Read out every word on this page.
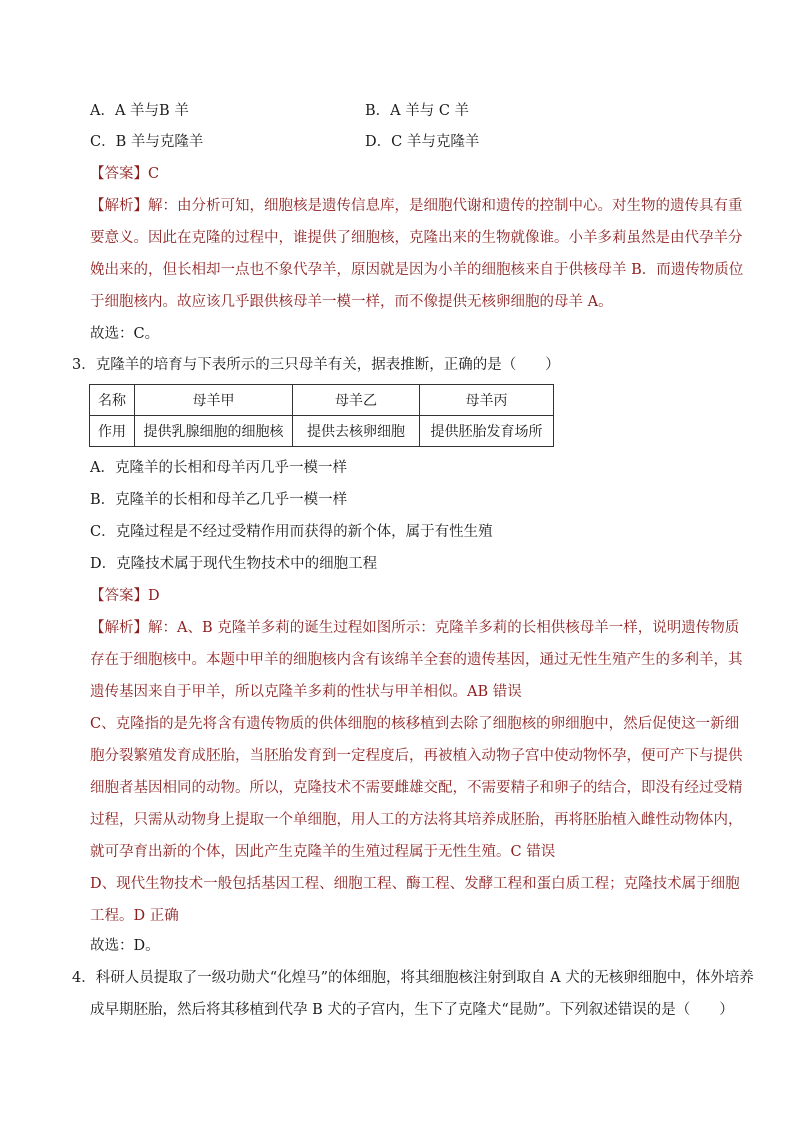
A．A 羊与B 羊	B．A 羊与 C 羊
C．B 羊与克隆羊	D．C 羊与克隆羊
【答案】C
【解析】解：由分析可知，细胞核是遗传信息库，是细胞代谢和遗传的控制中心。对生物的遗传具有重
要意义。因此在克隆的过程中，谁提供了细胞核，克隆出来的生物就像谁。小羊多莉虽然是由代孕羊分
娩出来的，但长相却一点也不象代孕羊，原因就是因为小羊的细胞核来自于供核母羊 B．而遗传物质位
于细胞核内。故应该几乎跟供核母羊一模一样，而不像提供无核卵细胞的母羊 A。
故选：C。
3．克隆羊的培育与下表所示的三只母羊有关，据表推断，正确的是（　　）
名称	母羊甲	母羊乙	母羊丙
作用	提供乳腺细胞的细胞核	提供去核卵细胞	提供胚胎发育场所
A．克隆羊的长相和母羊丙几乎一模一样
B．克隆羊的长相和母羊乙几乎一模一样
C．克隆过程是不经过受精作用而获得的新个体，属于有性生殖
D．克隆技术属于现代生物技术中的细胞工程
【答案】D
【解析】解：A、B 克隆羊多莉的诞生过程如图所示：克隆羊多莉的长相供核母羊一样，说明遗传物质
存在于细胞核中。本题中甲羊的细胞核内含有该绵羊全套的遗传基因，通过无性生殖产生的多利羊，其
遗传基因来自于甲羊，所以克隆羊多莉的性状与甲羊相似。AB 错误
C、克隆指的是先将含有遗传物质的供体细胞的核移植到去除了细胞核的卵细胞中，然后促使这一新细
胞分裂繁殖发育成胚胎，当胚胎发育到一定程度后，再被植入动物子宫中使动物怀孕，便可产下与提供
细胞者基因相同的动物。所以，克隆技术不需要雌雄交配，不需要精子和卵子的结合，即没有经过受精
过程，只需从动物身上提取一个单细胞，用人工的方法将其培养成胚胎，再将胚胎植入雌性动物体内，
就可孕育出新的个体，因此产生克隆羊的生殖过程属于无性生殖。C 错误
D、现代生物技术一般包括基因工程、细胞工程、酶工程、发酵工程和蛋白质工程；克隆技术属于细胞
工程。D 正确
故选：D。
4．科研人员提取了一级功勋犬“化煌马”的体细胞，将其细胞核注射到取自 A 犬的无核卵细胞中，体外培养
成早期胚胎，然后将其移植到代孕 B 犬的子宫内，生下了克隆犬“昆勋”。下列叙述错误的是（　　）
